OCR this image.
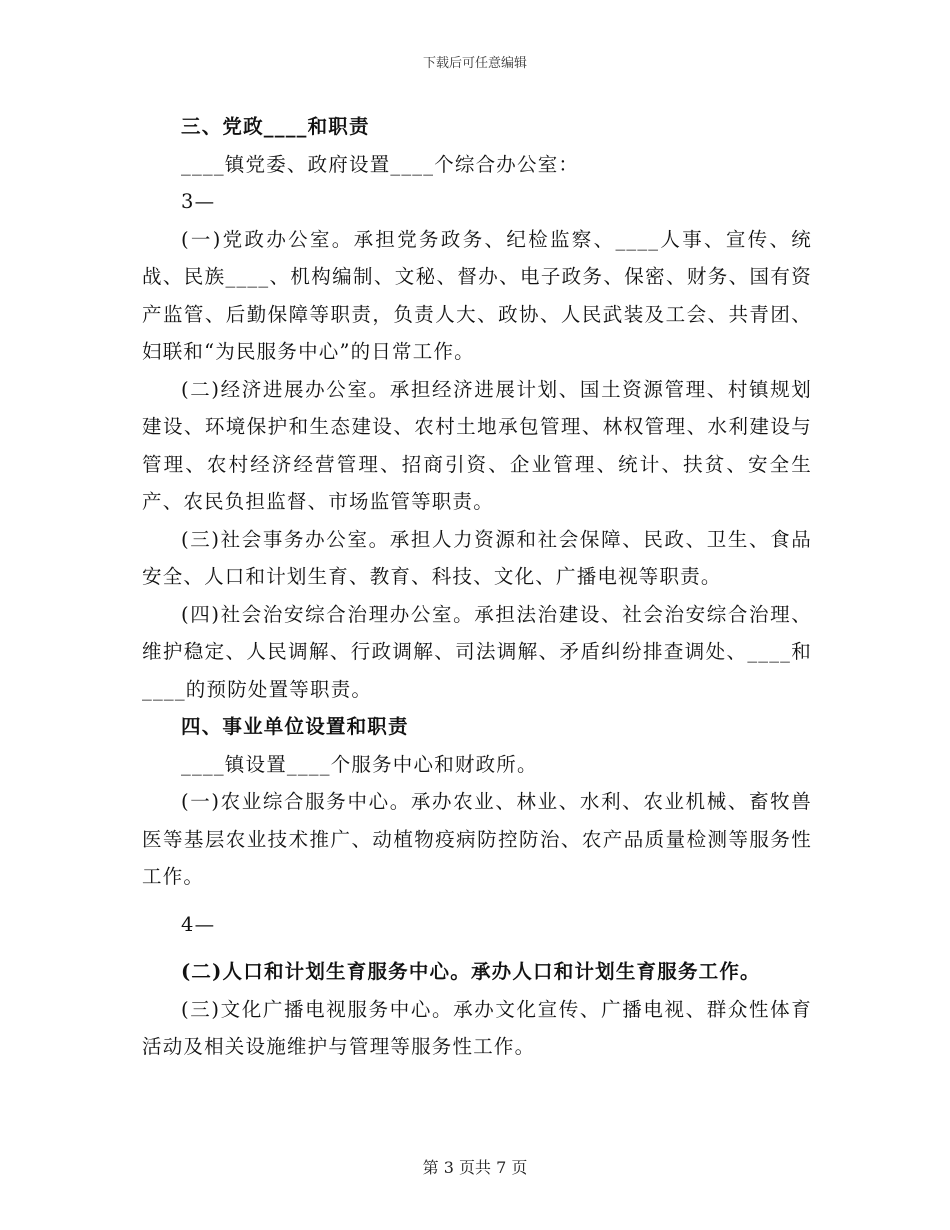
下载后可任意编辑

三、党政____和职责

____镇党委、政府设置____个综合办公室：

3—

(一)党政办公室。承担党务政务、纪检监察、____人事、宣传、统战、民族____、机构编制、文秘、督办、电子政务、保密、财务、国有资产监管、后勤保障等职责，负责人大、政协、人民武装及工会、共青团、妇联和“为民服务中心”的日常工作。

(二)经济进展办公室。承担经济进展计划、国土资源管理、村镇规划建设、环境保护和生态建设、农村土地承包管理、林权管理、水利建设与管理、农村经济经营管理、招商引资、企业管理、统计、扶贫、安全生产、农民负担监督、市场监管等职责。

(三)社会事务办公室。承担人力资源和社会保障、民政、卫生、食品安全、人口和计划生育、教育、科技、文化、广播电视等职责。

(四)社会治安综合治理办公室。承担法治建设、社会治安综合治理、维护稳定、人民调解、行政调解、司法调解、矛盾纠纷排查调处、____和____的预防处置等职责。

四、事业单位设置和职责

____镇设置____个服务中心和财政所。

(一)农业综合服务中心。承办农业、林业、水利、农业机械、畜牧兽医等基层农业技术推广、动植物疫病防控防治、农产品质量检测等服务性工作。

4—

(二)人口和计划生育服务中心。承办人口和计划生育服务工作。

(三)文化广播电视服务中心。承办文化宣传、广播电视、群众性体育活动及相关设施维护与管理等服务性工作。

第 3 页共 7 页
